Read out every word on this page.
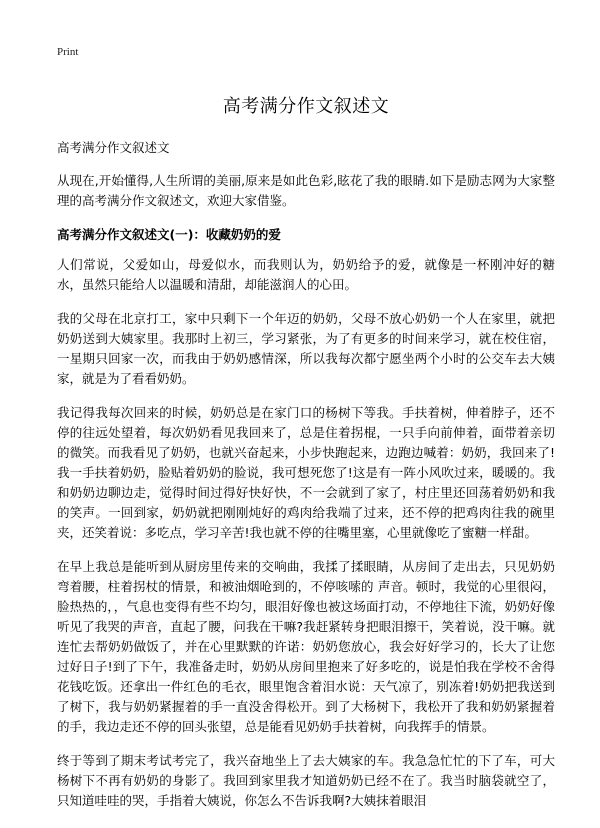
Print
高考满分作文叙述文

高考满分作文叙述文

从现在,开始懂得,人生所谓的美丽,原来是如此色彩,眩花了我的眼睛.如下是励志网为大家整理的高考满分作文叙述文，欢迎大家借鉴。

高考满分作文叙述文(一)：收藏奶奶的爱

人们常说，父爱如山，母爱似水，而我则认为，奶奶给予的爱，就像是一杯刚冲好的糖水，虽然只能给人以温暖和清甜，却能滋润人的心田。

我的父母在北京打工，家中只剩下一个年迈的奶奶，父母不放心奶奶一个人在家里，就把奶奶送到大姨家里。我那时上初三，学习紧张，为了有更多的时间来学习，就在校住宿，一星期只回家一次，而我由于奶奶感情深，所以我每次都宁愿坐两个小时的公交车去大姨家，就是为了看看奶奶。

我记得我每次回来的时候，奶奶总是在家门口的杨树下等我。手扶着树，伸着脖子，还不停的往远处望着，每次奶奶看见我回来了，总是住着拐棍，一只手向前伸着，面带着亲切的微笑。而我看见了奶奶，也就兴奋起来，小步快跑起来，边跑边喊着：奶奶，我回来了!我一手扶着奶奶，脸贴着奶奶的脸说，我可想死您了!这是有一阵小风吹过来，暖暖的。我和奶奶边聊边走，觉得时间过得好快好快，不一会就到了家了，村庄里还回荡着奶奶和我的笑声。一回到家，奶奶就把刚刚炖好的鸡肉给我端了过来，还不停的把鸡肉往我的碗里夹，还笑着说：多吃点，学习辛苦!我也就不停的往嘴里塞，心里就像吃了蜜糖一样甜。

在早上我总是能听到从厨房里传来的交响曲，我揉了揉眼睛，从房间了走出去，只见奶奶弯着腰，柱着拐杖的情景，和被油烟呛到的，不停咳嗦的 声音。顿时，我觉的心里很闷，脸热热的，，气息也变得有些不均匀，眼泪好像也被这场面打动，不停地往下流，奶奶好像听见了我哭的声音，直起了腰，问我在干嘛?我赶紧转身把眼泪擦干，笑着说，没干嘛。就连忙去帮奶奶做饭了，并在心里默默的许诺：奶奶您放心，我会好好学习的，长大了让您过好日子!到了下午，我准备走时，奶奶从房间里抱来了好多吃的，说是怕我在学校不舍得花钱吃饭。还拿出一件红色的毛衣，眼里饱含着泪水说：天气凉了，别冻着!奶奶把我送到了树下，我与奶奶紧握着的手一直没舍得松开。到了大杨树下，我松开了我和奶奶紧握着的手，我边走还不停的回头张望，总是能看见奶奶手扶着树，向我挥手的情景。

终于等到了期末考试考完了，我兴奋地坐上了去大姨家的车。我急急忙忙的下了车，可大杨树下不再有奶奶的身影了。我回到家里我才知道奶奶已经不在了。我当时脑袋就空了，只知道哇哇的哭，手指着大姨说，你怎么不告诉我啊?大姨抹着眼泪
